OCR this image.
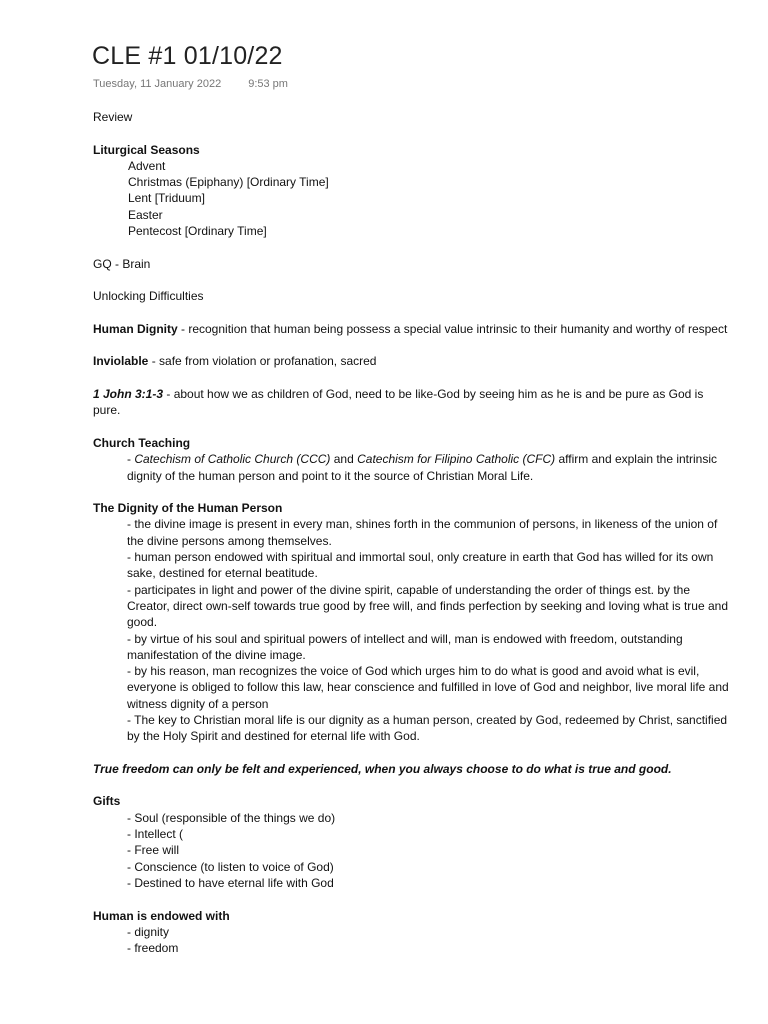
CLE #1 01/10/22
Tuesday, 11 January 2022 9:53 pm

Review

Liturgical Seasons

Advent

Christmas (Epiphany) [Ordinary Time]

Lent [Triduum]

Easter

Pentecost [Ordinary Time]

GQ - Brain

Unlocking Difficulties

Human Dignity - recognition that human being possess a special value intrinsic to their humanity and worthy of respect

Inviolable - safe from violation or profanation, sacred

1 John 3:1-3 - about how we as children of God, need to be like-God by seeing him as he is and be pure as God is pure.

Church Teaching

- Catechism of Catholic Church (CCC) and Catechism for Filipino Catholic (CFC) affirm and explain the intrinsic dignity of the human person and point to it the source of Christian Moral Life.

The Dignity of the Human Person

- the divine image is present in every man, shines forth in the communion of persons, in likeness of the union of the divine persons among themselves.

- human person endowed with spiritual and immortal soul, only creature in earth that God has willed for its own sake, destined for eternal beatitude.

- participates in light and power of the divine spirit, capable of understanding the order of things est. by the Creator, direct own-self towards true good by free will, and finds perfection by seeking and loving what is true and good.

- by virtue of his soul and spiritual powers of intellect and will, man is endowed with freedom, outstanding manifestation of the divine image.

- by his reason, man recognizes the voice of God which urges him to do what is good and avoid what is evil, everyone is obliged to follow this law, hear conscience and fulfilled in love of God and neighbor, live moral life and witness dignity of a person

- The key to Christian moral life is our dignity as a human person, created by God, redeemed by Christ, sanctified by the Holy Spirit and destined for eternal life with God.

True freedom can only be felt and experienced, when you always choose to do what is true and good.

Gifts

- Soul (responsible of the things we do)

- Intellect (

- Free will

- Conscience (to listen to voice of God)

- Destined to have eternal life with God

Human is endowed with

- dignity

- freedom
